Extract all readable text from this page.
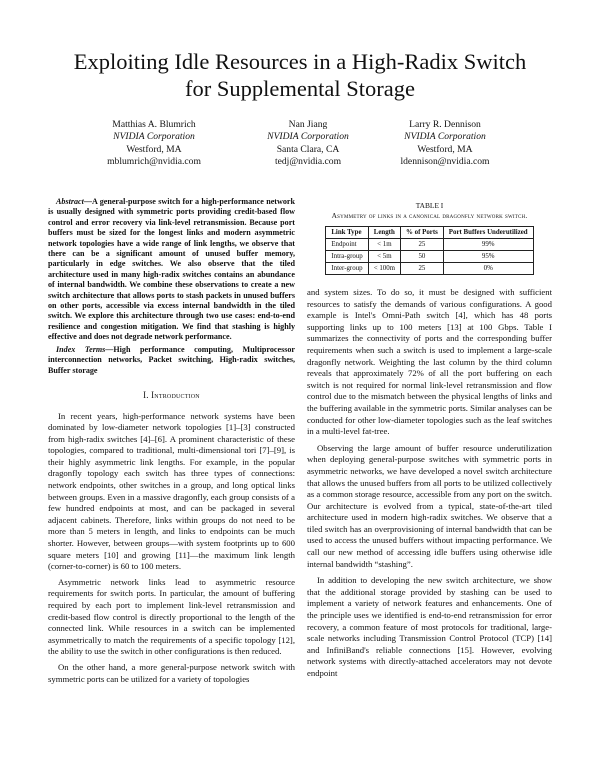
Exploiting Idle Resources in a High-Radix Switch
for Supplemental Storage
Matthias A. Blumrich
NVIDIA Corporation
Westford, MA
mblumrich@nvidia.com
Nan Jiang
NVIDIA Corporation
Santa Clara, CA
tedj@nvidia.com
Larry R. Dennison
NVIDIA Corporation
Westford, MA
ldennison@nvidia.com

Abstract—A general-purpose switch for a high-performance network is usually designed with symmetric ports providing credit-based flow control and error recovery via link-level retransmission. Because port buffers must be sized for the longest links and modern asymmetric network topologies have a wide range of link lengths, we observe that there can be a significant amount of unused buffer memory, particularly in edge switches. We also observe that the tiled architecture used in many high-radix switches contains an abundance of internal bandwidth. We combine these observations to create a new switch architecture that allows ports to stash packets in unused buffers on other ports, accessible via excess internal bandwidth in the tiled switch. We explore this architecture through two use cases: end-to-end resilience and congestion mitigation. We find that stashing is highly effective and does not degrade network performance.

Index Terms—High performance computing, Multiprocessor interconnection networks, Packet switching, High-radix switches, Buffer storage

I. Introduction

In recent years, high-performance network systems have been dominated by low-diameter network topologies [1]–[3] constructed from high-radix switches [4]–[6]. A prominent characteristic of these topologies, compared to traditional, multi-dimensional tori [7]–[9], is their highly asymmetric link lengths. For example, in the popular dragonfly topology each switch has three types of connections: network endpoints, other switches in a group, and long optical links between groups. Even in a massive dragonfly, each group consists of a few hundred endpoints at most, and can be packaged in several adjacent cabinets. Therefore, links within groups do not need to be more than 5 meters in length, and links to endpoints can be much shorter. However, between groups—with system footprints up to 600 square meters [10] and growing [11]—the maximum link length (corner-to-corner) is 60 to 100 meters.

Asymmetric network links lead to asymmetric resource requirements for switch ports. In particular, the amount of buffering required by each port to implement link-level retransmission and credit-based flow control is directly proportional to the length of the connected link. While resources in a switch can be implemented asymmetrically to match the requirements of a specific topology [12], the ability to use the switch in other configurations is then reduced.

On the other hand, a more general-purpose network switch with symmetric ports can be utilized for a variety of topologies

TABLE I
Asymmetry of links in a canonical dragonfly network switch.
Link Type	Length	% of Ports	Port Buffers Underutilized
Endpoint	< 1m	25	99%
Intra-group	< 5m	50	95%
Inter-group	< 100m	25	0%

and system sizes. To do so, it must be designed with sufficient resources to satisfy the demands of various configurations. A good example is Intel's Omni-Path switch [4], which has 48 ports supporting links up to 100 meters [13] at 100 Gbps. Table I summarizes the connectivity of ports and the corresponding buffer requirements when such a switch is used to implement a large-scale dragonfly network. Weighting the last column by the third column reveals that approximately 72% of all the port buffering on each switch is not required for normal link-level retransmission and flow control due to the mismatch between the physical lengths of links and the buffering available in the symmetric ports. Similar analyses can be conducted for other low-diameter topologies such as the leaf switches in a multi-level fat-tree.

Observing the large amount of buffer resource underutilization when deploying general-purpose switches with symmetric ports in asymmetric networks, we have developed a novel switch architecture that allows the unused buffers from all ports to be utilized collectively as a common storage resource, accessible from any port on the switch. Our architecture is evolved from a typical, state-of-the-art tiled architecture used in modern high-radix switches. We observe that a tiled switch has an overprovisioning of internal bandwidth that can be used to access the unused buffers without impacting performance. We call our new method of accessing idle buffers using otherwise idle internal bandwidth “stashing”.

In addition to developing the new switch architecture, we show that the additional storage provided by stashing can be used to implement a variety of network features and enhancements. One of the principle uses we identified is end-to-end retransmission for error recovery, a common feature of most protocols for traditional, large-scale networks including Transmission Control Protocol (TCP) [14] and InfiniBand's reliable connections [15]. However, evolving network systems with directly-attached accelerators may not devote endpoint
